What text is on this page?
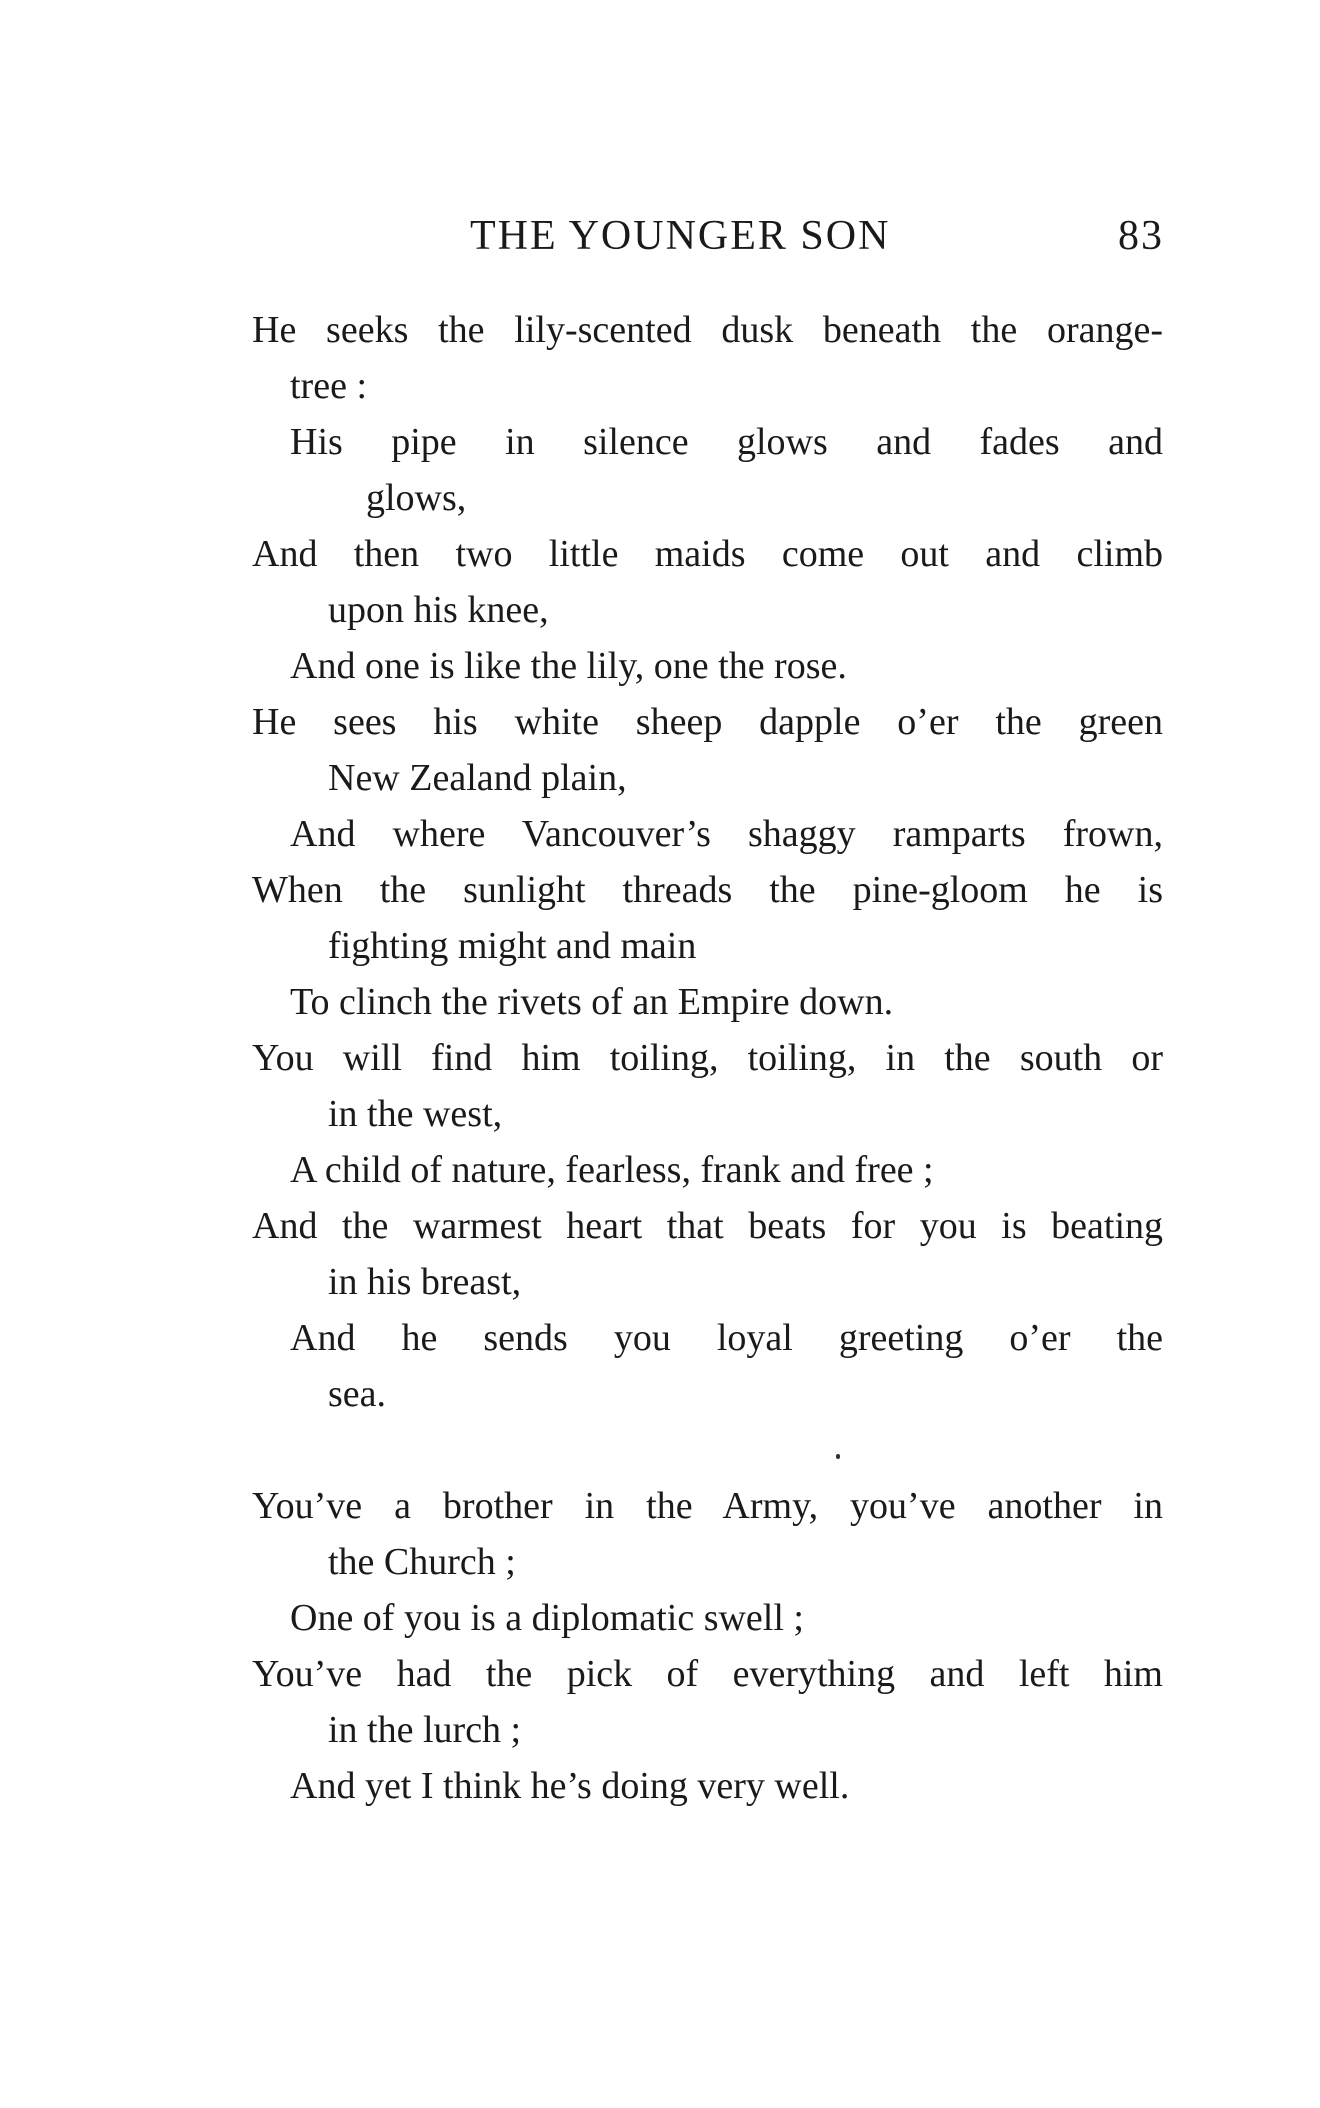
THE YOUNGER SON	83
He seeks the lily-scented dusk beneath the orange-
tree :
His pipe in silence glows and fades and
glows,
And then two little maids come out and climb
upon his knee,
And one is like the lily, one the rose.
He sees his white sheep dapple o’er the green
New Zealand plain,
And where Vancouver’s shaggy ramparts frown,
When the sunlight threads the pine-gloom he is
fighting might and main
To clinch the rivets of an Empire down.
You will find him toiling, toiling, in the south or
in the west,
A child of nature, fearless, frank and free ;
And the warmest heart that beats for you is beating
in his breast,
And he sends you loyal greeting o’er the
sea.
You’ve a brother in the Army, you’ve another in
the Church ;
One of you is a diplomatic swell ;
You’ve had the pick of everything and left him
in the lurch ;
And yet I think he’s doing very well.
